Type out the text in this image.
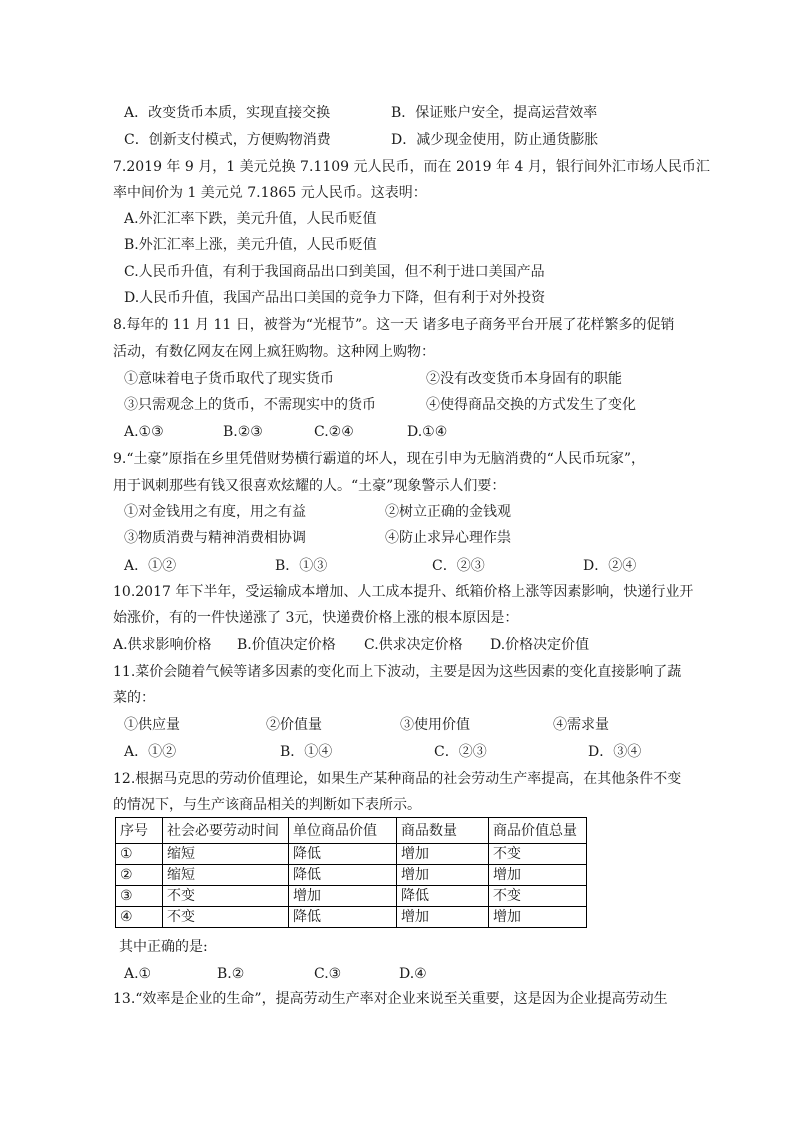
A．改变货币本质，实现直接交换	B．保证账户安全，提高运营效率
C．创新支付模式，方便购物消费	D．减少现金使用，防止通货膨胀
7.2019 年 9 月，1 美元兑换 7.1109 元人民币，而在 2019 年 4 月，银行间外汇市场人民币汇
率中间价为 1 美元兑 7.1865 元人民币。这表明：
A.外汇汇率下跌，美元升值，人民币贬值
B.外汇汇率上涨，美元升值，人民币贬值
C.人民币升值，有利于我国商品出口到美国，但不利于进口美国产品
D.人民币升值，我国产品出口美国的竞争力下降，但有利于对外投资
8.每年的 11 月 11 日，被誉为“光棍节”。这一天 诸多电子商务平台开展了花样繁多的促销
活动，有数亿网友在网上疯狂购物。这种网上购物：
①意味着电子货币取代了现实货币	②没有改变货币本身固有的职能
③只需观念上的货币，不需现实中的货币	④使得商品交换的方式发生了变化
A.①③	B.②③	C.②④	D.①④
9.“土豪”原指在乡里凭借财势横行霸道的坏人，现在引申为无脑消费的“人民币玩家”，
用于讽刺那些有钱又很喜欢炫耀的人。“土豪”现象警示人们要：
①对金钱用之有度，用之有益	②树立正确的金钱观
③物质消费与精神消费相协调	④防止求异心理作祟
A．①②	B．①③	C．②③	D．②④
10.2017 年下半年，受运输成本增加、人工成本提升、纸箱价格上涨等因素影响，快递行业开
始涨价，有的一件快递涨了 3元，快递费价格上涨的根本原因是：
A.供求影响价格 B.价值决定价格 C.供求决定价格 D.价格决定价值
11.菜价会随着气候等诸多因素的变化而上下波动，主要是因为这些因素的变化直接影响了蔬
菜的：
①供应量	②价值量	③使用价值	④需求量
A．①②	B．①④	C．②③	D．③④
12.根据马克思的劳动价值理论，如果生产某种商品的社会劳动生产率提高，在其他条件不变
的情况下，与生产该商品相关的判断如下表所示。
序号	社会必要劳动时间	单位商品价值	商品数量	商品价值总量
①	缩短	降低	增加	不变
②	缩短	降低	增加	增加
③	不变	增加	降低	不变
④	不变	降低	增加	增加
其中正确的是:
A.①	B.②	C.③	D.④
13.“效率是企业的生命”，提高劳动生产率对企业来说至关重要，这是因为企业提高劳动生
